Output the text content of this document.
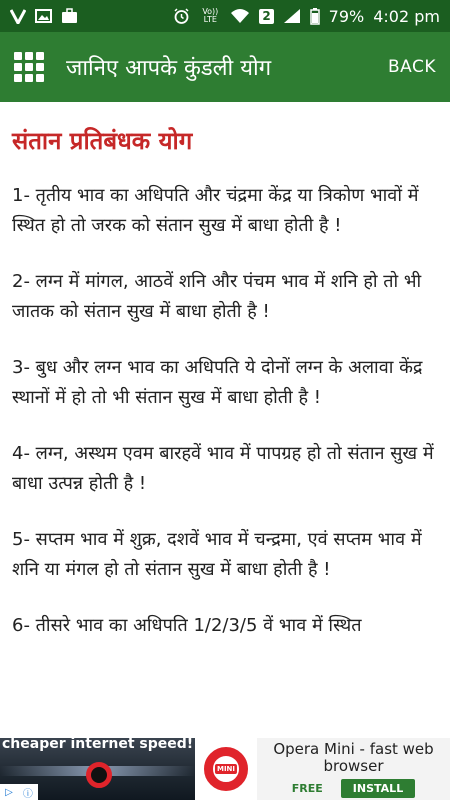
Vo)) LTE	2	79% 4:02 pm
जानिए आपके कुंडली योग	BACK
संतान प्रतिबंधक योग

1- तृतीय भाव का अधिपति और चंद्रमा केंद्र या त्रिकोण भावों में स्थित हो तो जरक को संतान सुख में बाधा होती है !

2- लग्न में मांगल, आठवें शनि और पंचम भाव में शनि हो तो भी जातक को संतान सुख में बाधा होती है !

3- बुध और लग्न भाव का अधिपति ये दोनों लग्न के अलावा केंद्र स्थानों में हो तो भी संतान सुख में बाधा होती है !

4- लग्न, अस्थम एवम बारहवें भाव में पापग्रह हो तो संतान सुख में बाधा उत्पन्न होती है !

5- सप्तम भाव में शुक्र, दशवें भाव में चन्द्रमा, एवं सप्तम भाव में शनि या मंगल हो तो संतान सुख में बाधा होती है !

6- तीसरे भाव का अधिपति 1/2/3/5 वें भाव में स्थित

cheaper internet speed!
▷ ⓘ
MINI
Opera Mini - fast web browser
FREE	INSTALL
